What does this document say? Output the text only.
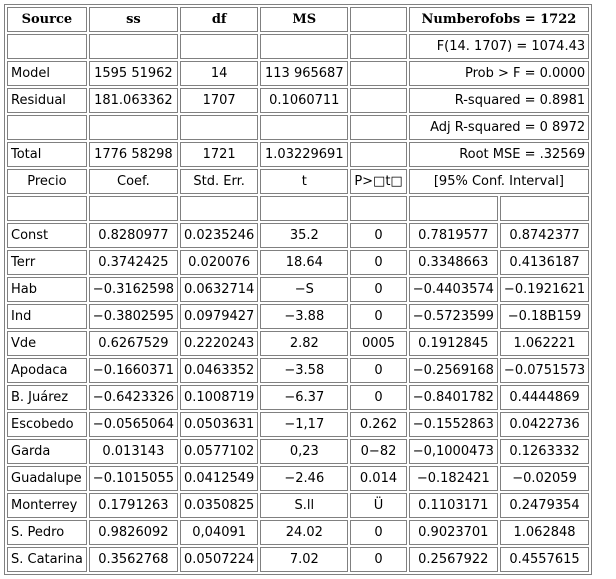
Source	ss	df	MS		Numberofobs = 1722	
					F(14. 1707) = 1074.43	
Model	1595 51962	14	113 965687		Prob > F = 0.0000	
Residual	181.063362	1707	0.1060711		R-squared = 0.8981	
					Adj R-squared = 0 8972	
Total	1776 58298	1721	1.03229691		Root MSE = .32569	
Precio	Coef.	Std. Err.	t	P>□t□	[95% Conf. Interval]	

Const	0.8280977	0.0235246	35.2	0	0.7819577	0.8742377
Terr	0.3742425	0.020076	18.64	0	0.3348663	0.4136187
Hab	−0.3162598	0.0632714	−S	0	−0.4403574	−0.1921621
Ind	−0.3802595	0.0979427	−3.88	0	−0.5723599	−0.18B159
Vde	0.6267529	0.2220243	2.82	0005	0.1912845	1.062221
Apodaca	−0.1660371	0.0463352	−3.58	0	−0.2569168	−0.0751573
B. Juárez	−0.6423326	0.1008719	−6.37	0	−0.8401782	0.4444869
Escobedo	−0.0565064	0.0503631	−1,17	0.262	−0.1552863	0.0422736
Garda	0.013143	0.0577102	0,23	0−82	−0,1000473	0.1263332
Guadalupe	−0.1015055	0.0412549	−2.46	0.014	−0.182421	−0.02059
Monterrey	0.1791263	0.0350825	S.ll	Ü	0.1103171	0.2479354
S. Pedro	0.9826092	0,04091	24.02	0	0.9023701	1.062848
S. Catarina	0.3562768	0.0507224	7.02	0	0.2567922	0.4557615
